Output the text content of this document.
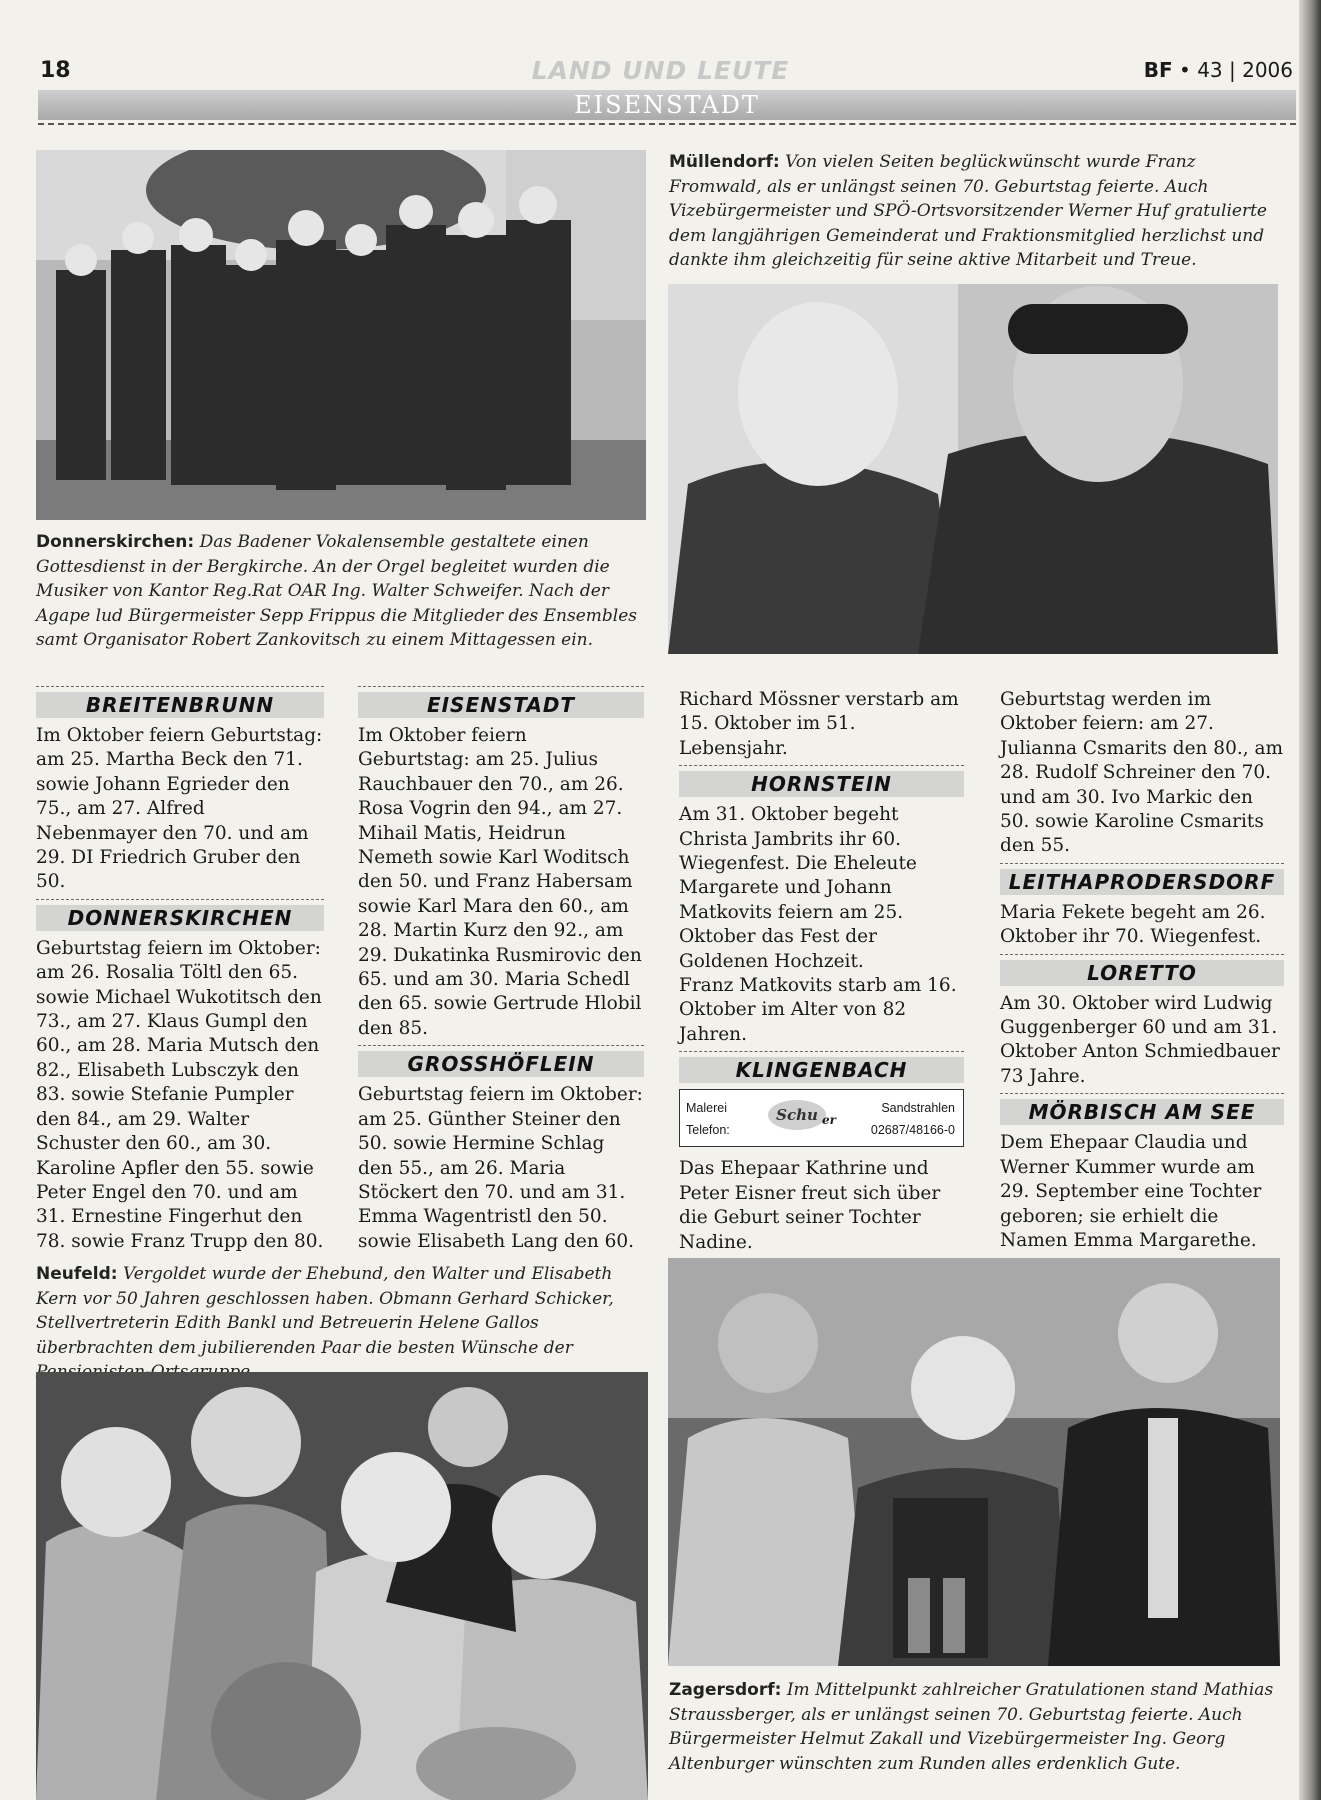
18	LAND UND LEUTE	BF • 43 | 2006
EISENSTADT
Müllendorf: Von vielen Seiten beglückwünscht wurde Franz Fromwald, als er unlängst seinen 70. Geburtstag feierte. Auch Vizebürgermeister und SPÖ-Ortsvorsitzender Werner Huf gratulierte dem langjährigen Gemeinderat und Fraktionsmitglied herzlichst und dankte ihm gleichzeitig für seine aktive Mitarbeit und Treue.
Donnerskirchen: Das Badener Vokalensemble gestaltete einen Gottesdienst in der Bergkirche. An der Orgel begleitet wurden die Musiker von Kantor Reg.Rat OAR Ing. Walter Schweifer. Nach der Agape lud Bürgermeister Sepp Frippus die Mitglieder des Ensembles samt Organisator Robert Zankovitsch zu einem Mittagessen ein.
BREITENBRUNN

Im Oktober feiern Geburtstag: am 25. Martha Beck den 71. sowie Johann Egrieder den 75., am 27. Alfred Nebenmayer den 70. und am 29. DI Friedrich Gruber den 50.

DONNERSKIRCHEN

Geburtstag feiern im Oktober: am 26. Rosalia Töltl den 65. sowie Michael Wukotitsch den 73., am 27. Klaus Gumpl den 60., am 28. Maria Mutsch den 82., Elisabeth Lubsczyk den 83. sowie Stefanie Pumpler den 84., am 29. Walter Schuster den 60., am 30. Karoline Apfler den 55. sowie Peter Engel den 70. und am 31. Ernestine Fingerhut den 78. sowie Franz Trupp den 80.

EISENSTADT

Im Oktober feiern Geburtstag: am 25. Julius Rauchbauer den 70., am 26. Rosa Vogrin den 94., am 27. Mihail Matis, Heidrun Nemeth sowie Karl Woditsch den 50. und Franz Habersam sowie Karl Mara den 60., am 28. Martin Kurz den 92., am 29. Dukatinka Rusmirovic den 65. und am 30. Maria Schedl den 65. sowie Gertrude Hlobil den 85.

GROSSHÖFLEIN

Geburtstag feiern im Oktober: am 25. Günther Steiner den 50. sowie Hermine Schlag den 55., am 26. Maria Stöckert den 70. und am 31. Emma Wagentristl den 50. sowie Elisabeth Lang den 60.

Richard Mössner verstarb am 15. Oktober im 51. Lebensjahr.

HORNSTEIN

Am 31. Oktober begeht Christa Jambrits ihr 60. Wiegenfest. Die Eheleute Margarete und Johann Matkovits feiern am 25. Oktober das Fest der Goldenen Hochzeit.

Franz Matkovits starb am 16. Oktober im Alter von 82 Jahren.

KLINGENBACH
Malerei	Sandstrahlen
Schu er
Telefon:	02687/48166-0

Das Ehepaar Kathrine und Peter Eisner freut sich über die Geburt seiner Tochter Nadine.

Geburtstag werden im Oktober feiern: am 27. Julianna Csmarits den 80., am 28. Rudolf Schreiner den 70. und am 30. Ivo Markic den 50. sowie Karoline Csmarits den 55.

LEITHAPRODERSDORF

Maria Fekete begeht am 26. Oktober ihr 70. Wiegenfest.

LORETTO

Am 30. Oktober wird Ludwig Guggenberger 60 und am 31. Oktober Anton Schmiedbauer 73 Jahre.

MÖRBISCH AM SEE

Dem Ehepaar Claudia und Werner Kummer wurde am 29. September eine Tochter geboren; sie erhielt die Namen Emma Margarethe.

Neufeld: Vergoldet wurde der Ehebund, den Walter und Elisabeth Kern vor 50 Jahren geschlossen haben. Obmann Gerhard Schicker, Stellvertreterin Edith Bankl und Betreuerin Helene Gallos überbrachten dem jubilierenden Paar die besten Wünsche der
Zagersdorf: Im Mittelpunkt zahlreicher Gratulationen stand Mathias Straussberger, als er unlängst seinen 70. Geburtstag feierte. Auch Bürgermeister Helmut Zakall und Vizebürgermeister Ing. Georg Altenburger wünschten zum Runden alles erdenklich Gute.
